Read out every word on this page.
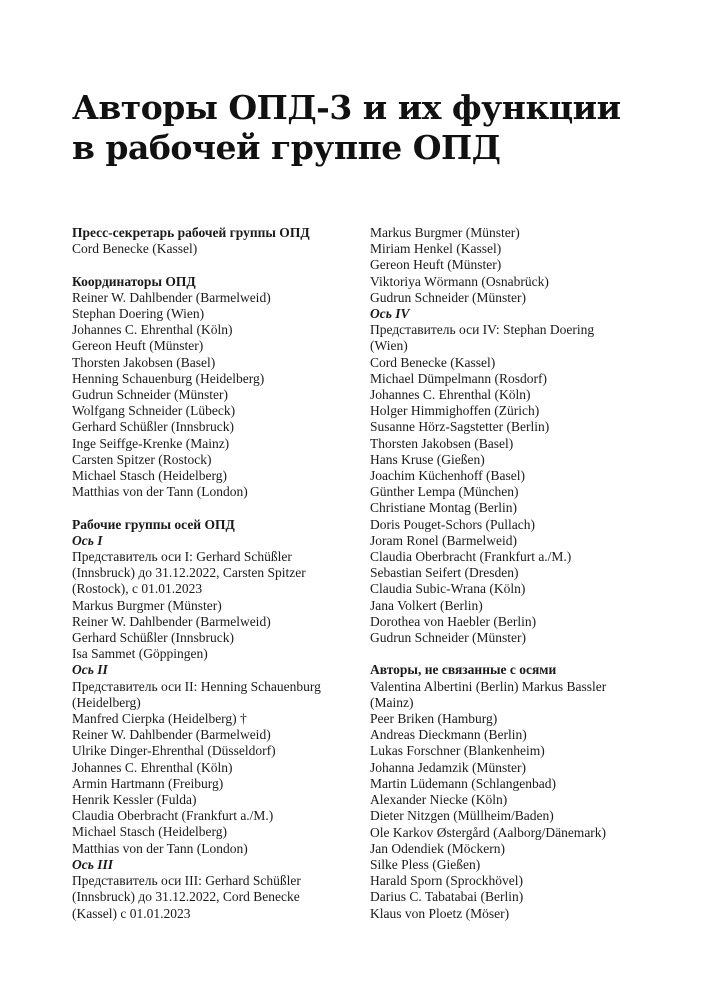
Авторы ОПД-3 и их функции
в рабочей группе ОПД
Пресс-секретарь рабочей группы ОПД
Cord Benecke (Kassel)
Координаторы ОПД
Reiner W. Dahlbender (Barmelweid)
Stephan Doering (Wien)
Johannes C. Ehrenthal (Köln)
Gereon Heuft (Münster)
Thorsten Jakobsen (Basel)
Henning Schauenburg (Heidelberg)
Gudrun Schneider (Münster)
Wolfgang Schneider (Lübeck)
Gerhard Schüßler (Innsbruck)
Inge Seiffge-Krenke (Mainz)
Carsten Spitzer (Rostock)
Michael Stasch (Heidelberg)
Matthias von der Tann (London)
Рабочие группы осей ОПД
Ось I
Представитель оси I: Gerhard Schüßler
(Innsbruck) до 31.12.2022, Carsten Spitzer
(Rostock), с 01.01.2023
Markus Burgmer (Münster)
Reiner W. Dahlbender (Barmelweid)
Gerhard Schüßler (Innsbruck)
Isa Sammet (Göppingen)
Ось II
Представитель оси II: Henning Schauenburg
(Heidelberg)
Manfred Cierpka (Heidelberg) †
Reiner W. Dahlbender (Barmelweid)
Ulrike Dinger-Ehrenthal (Düsseldorf)
Johannes C. Ehrenthal (Köln)
Armin Hartmann (Freiburg)
Henrik Kessler (Fulda)
Claudia Oberbracht (Frankfurt a./M.)
Michael Stasch (Heidelberg)
Matthias von der Tann (London)
Ось III
Представитель оси III: Gerhard Schüßler
(Innsbruck) до 31.12.2022, Cord Benecke
(Kassel) с 01.01.2023
Markus Burgmer (Münster)
Miriam Henkel (Kassel)
Gereon Heuft (Münster)
Viktoriya Wörmann (Osnabrück)
Gudrun Schneider (Münster)
Ось IV
Представитель оси IV: Stephan Doering
(Wien)
Cord Benecke (Kassel)
Michael Dümpelmann (Rosdorf)
Johannes C. Ehrenthal (Köln)
Holger Himmighoffen (Zürich)
Susanne Hörz-Sagstetter (Berlin)
Thorsten Jakobsen (Basel)
Hans Kruse (Gießen)
Joachim Küchenhoff (Basel)
Günther Lempa (München)
Christiane Montag (Berlin)
Doris Pouget-Schors (Pullach)
Joram Ronel (Barmelweid)
Claudia Oberbracht (Frankfurt a./M.)
Sebastian Seifert (Dresden)
Claudia Subic-Wrana (Köln)
Jana Volkert (Berlin)
Dorothea von Haebler (Berlin)
Gudrun Schneider (Münster)
Авторы, не связанные с осями
Valentina Albertini (Berlin) Markus Bassler
(Mainz)
Peer Briken (Hamburg)
Andreas Dieckmann (Berlin)
Lukas Forschner (Blankenheim)
Johanna Jedamzik (Münster)
Martin Lüdemann (Schlangenbad)
Alexander Niecke (Köln)
Dieter Nitzgen (Müllheim/Baden)
Ole Karkov Østergård (Aalborg/Dänemark)
Jan Odendiek (Möckern)
Silke Pless (Gießen)
Harald Sporn (Sprockhövel)
Darius C. Tabatabai (Berlin)
Klaus von Ploetz (Möser)
